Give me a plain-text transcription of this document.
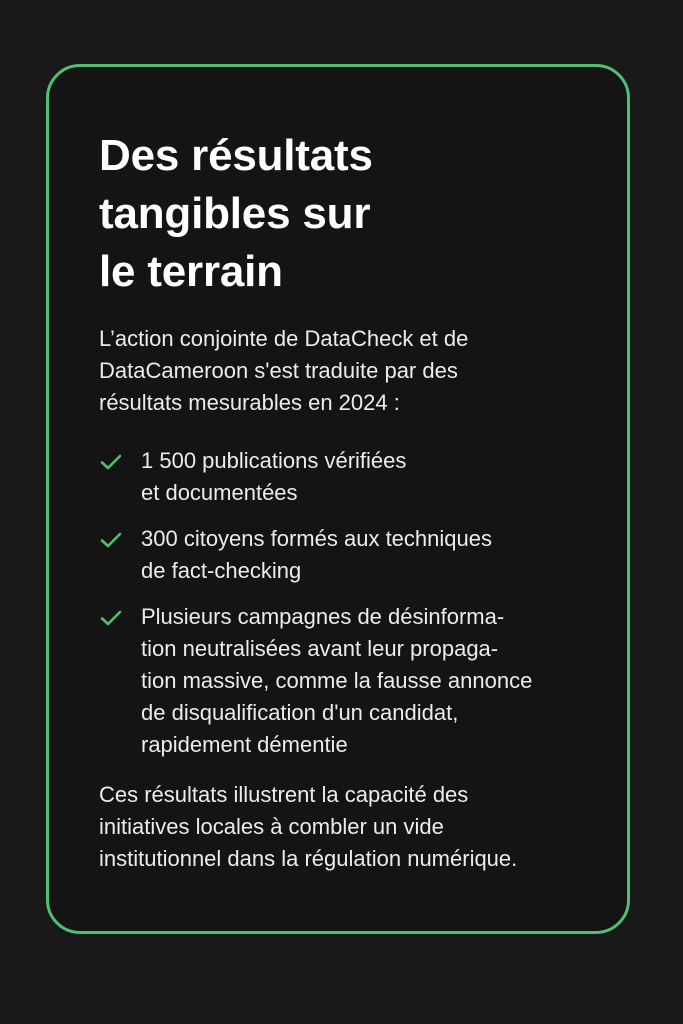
Des résultats
tangibles sur
le terrain

L’action conjointe de DataCheck et de
DataCameroon s'est traduite par des
résultats mesurables en 2024 :

1 500 publications vérifiées
et documentées
300 citoyens formés aux techniques
de fact-checking
Plusieurs campagnes de désinforma-
tion neutralisées avant leur propaga-
tion massive, comme la fausse annonce
de disqualification d'un candidat,
rapidement démentie

Ces résultats illustrent la capacité des
initiatives locales à combler un vide
institutionnel dans la régulation numérique.
